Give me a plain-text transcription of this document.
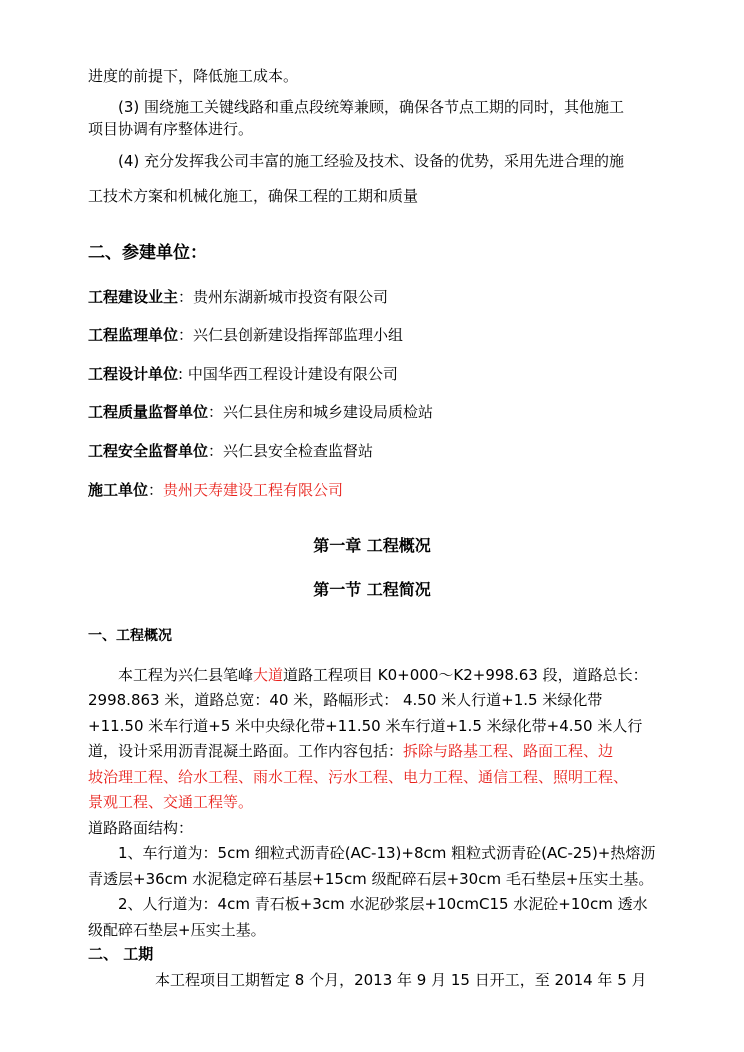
进度的前提下，降低施工成本。
(3) 围绕施工关键线路和重点段统筹兼顾，确保各节点工期的同时，其他施工
项目协调有序整体进行。
(4) 充分发挥我公司丰富的施工经验及技术、设备的优势，采用先进合理的施
工技术方案和机械化施工，确保工程的工期和质量
二、参建单位：
工程建设业主：贵州东湖新城市投资有限公司
工程监理单位：兴仁县创新建设指挥部监理小组
工程设计单位: 中国华西工程设计建设有限公司
工程质量监督单位：兴仁县住房和城乡建设局质检站
工程安全监督单位：兴仁县安全检查监督站
施工单位：贵州天寿建设工程有限公司
第一章 工程概况
第一节 工程简况
一、工程概况
本工程为兴仁县笔峰大道道路工程项目 K0+000～K2+998.63 段，道路总长：
2998.863 米，道路总宽：40 米，路幅形式： 4.50 米人行道+1.5 米绿化带
+11.50 米车行道+5 米中央绿化带+11.50 米车行道+1.5 米绿化带+4.50 米人行
道，设计采用沥青混凝土路面。工作内容包括：拆除与路基工程、路面工程、边
坡治理工程、给水工程、雨水工程、污水工程、电力工程、通信工程、照明工程、
景观工程、交通工程等。
道路路面结构：
1、车行道为：5cm 细粒式沥青砼(AC-13)+8cm 粗粒式沥青砼(AC-25)+热熔沥
青透层+36cm 水泥稳定碎石基层+15cm 级配碎石层+30cm 毛石垫层+压实土基。
2、人行道为：4cm 青石板+3cm 水泥砂浆层+10cmC15 水泥砼+10cm 透水
级配碎石垫层+压实土基。
二、 工期
本工程项目工期暂定 8 个月，2013 年 9 月 15 日开工，至 2014 年 5 月
